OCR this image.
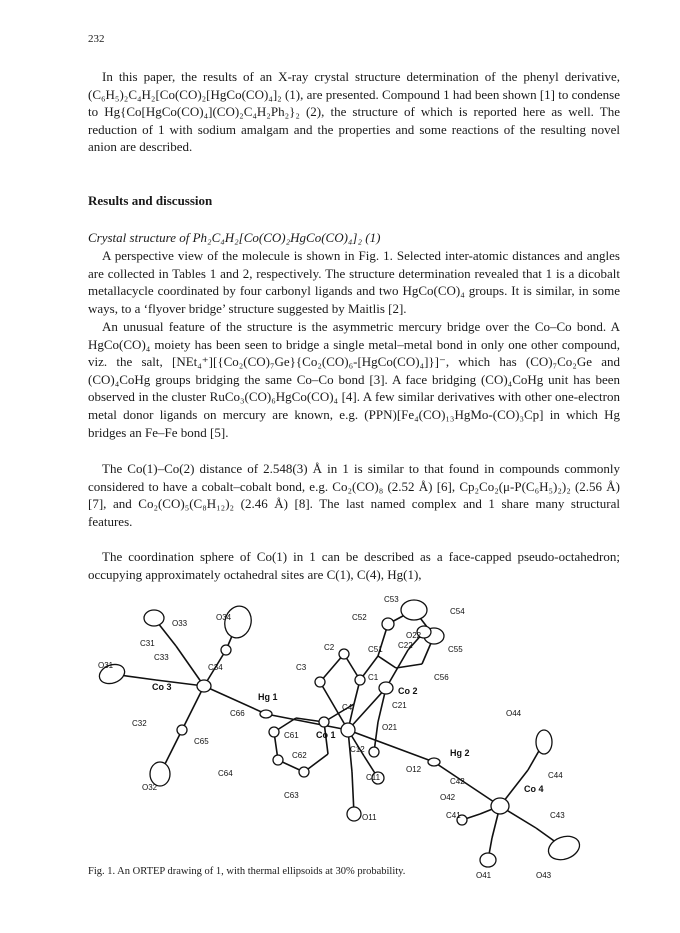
232

In this paper, the results of an X-ray crystal structure determination of the phenyl derivative, (C₆H₅)₂C₄H₂[Co(CO)₂[HgCo(CO)₄]₂ (1), are presented. Compound 1 had been shown [1] to condense to Hg{Co[HgCo(CO)₄](CO)₂C₄H₂Ph₂}₂ (2), the structure of which is reported here as well. The reduction of 1 with sodium amalgam and the properties and some reactions of the resulting novel anion are described.

Results and discussion
Crystal structure of Ph₂C₄H₂[Co(CO)₂HgCo(CO)₄]₂ (1)

A perspective view of the molecule is shown in Fig. 1. Selected inter-atomic distances and angles are collected in Tables 1 and 2, respectively. The structure determination revealed that 1 is a dicobalt metallacycle coordinated by four carbonyl ligands and two HgCo(CO)₄ groups. It is similar, in some ways, to a ‘flyover bridge’ structure suggested by Maitlis [2].

An unusual feature of the structure is the asymmetric mercury bridge over the Co–Co bond. A HgCo(CO)₄ moiety has been seen to bridge a single metal–metal bond in only one other compound, viz. the salt, [NEt₄⁺][{Co₂(CO)₇Ge}{Co₂(CO)₆-[HgCo(CO)₄]}]⁻, which has (CO)₇Co₂Ge and (CO)₄CoHg groups bridging the same Co–Co bond [3]. A face bridging (CO)₄CoHg unit has been observed in the cluster RuCo₃(CO)₆HgCo(CO)₄ [4]. A few similar derivatives with other one-electron metal donor ligands on mercury are known, e.g. (PPN)[Fe₄(CO)₁₃HgMo-(CO)₃Cp] in which Hg bridges an Fe–Fe bond [5].

The Co(1)–Co(2) distance of 2.548(3) Å in 1 is similar to that found in compounds commonly considered to have a cobalt–cobalt bond, e.g. Co₂(CO)₈ (2.52 Å) [6], Cp₂Co₂(μ-P(C₆H₅)₂)₂ (2.56 Å) [7], and Co₂(CO)₅(C₈H₁₂)₂ (2.46 Å) [8]. The last named complex and 1 share many structural features.

The coordination sphere of Co(1) in 1 can be described as a face-capped pseudo-octahedron; occupying approximately octahedral sites are C(1), C(4), Hg(1),

C53
C54
C52
O22
C22	C55
C51
C2
O33
O34
C31
C33
O31	C34	C3
C1	C56
Co 3
Hg 1
Co 2
C21
O44
C4
O21
C66
C32
Hg 2
C65
C61 Co 1
C44
C62
C12
O12
C42
O32
C64	C11
Co 4
O42
C63
C41	C43
O11
O41	O43
Fig. 1. An ORTEP drawing of 1, with thermal ellipsoids at 30% probability.
